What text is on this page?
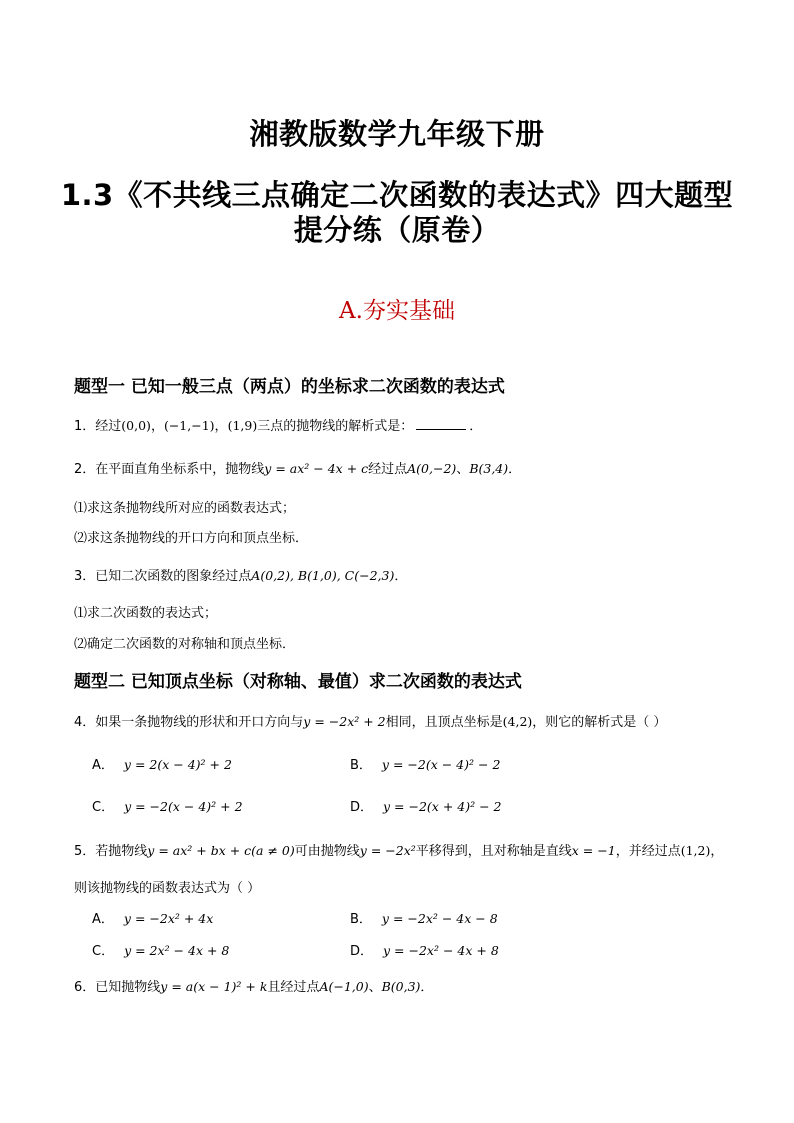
湘教版数学九年级下册
1.3《不共线三点确定二次函数的表达式》四大题型
提分练（原卷）
A.夯实基础
题型一 已知一般三点（两点）的坐标求二次函数的表达式
1．经过(0,0)，(−1,−1)，(1,9)三点的抛物线的解析式是：	．
2．在平面直角坐标系中，抛物线y = ax² − 4x + c经过点A(0,−2)、B(3,4)．
⑴求这条抛物线所对应的函数表达式；
⑵求这条抛物线的开口方向和顶点坐标．
3．已知二次函数的图象经过点A(0,2), B(1,0), C(−2,3)．
⑴求二次函数的表达式；
⑵确定二次函数的对称轴和顶点坐标．
题型二 已知顶点坐标（对称轴、最值）求二次函数的表达式
4．如果一条抛物线的形状和开口方向与y = −2x² + 2相同，且顶点坐标是(4,2)，则它的解析式是（ ）
A． y = 2(x − 4)² + 2	B． y = −2(x − 4)² − 2
C． y = −2(x − 4)² + 2	D． y = −2(x + 4)² − 2
5．若抛物线y = ax² + bx + c(a ≠ 0)可由抛物线y = −2x²平移得到，且对称轴是直线x = −1，并经过点(1,2)，
则该抛物线的函数表达式为（ ）
A． y = −2x² + 4x	B． y = −2x² − 4x − 8
C． y = 2x² − 4x + 8	D． y = −2x² − 4x + 8
6．已知抛物线y = a(x − 1)² + k且经过点A(−1,0)、B(0,3)．
